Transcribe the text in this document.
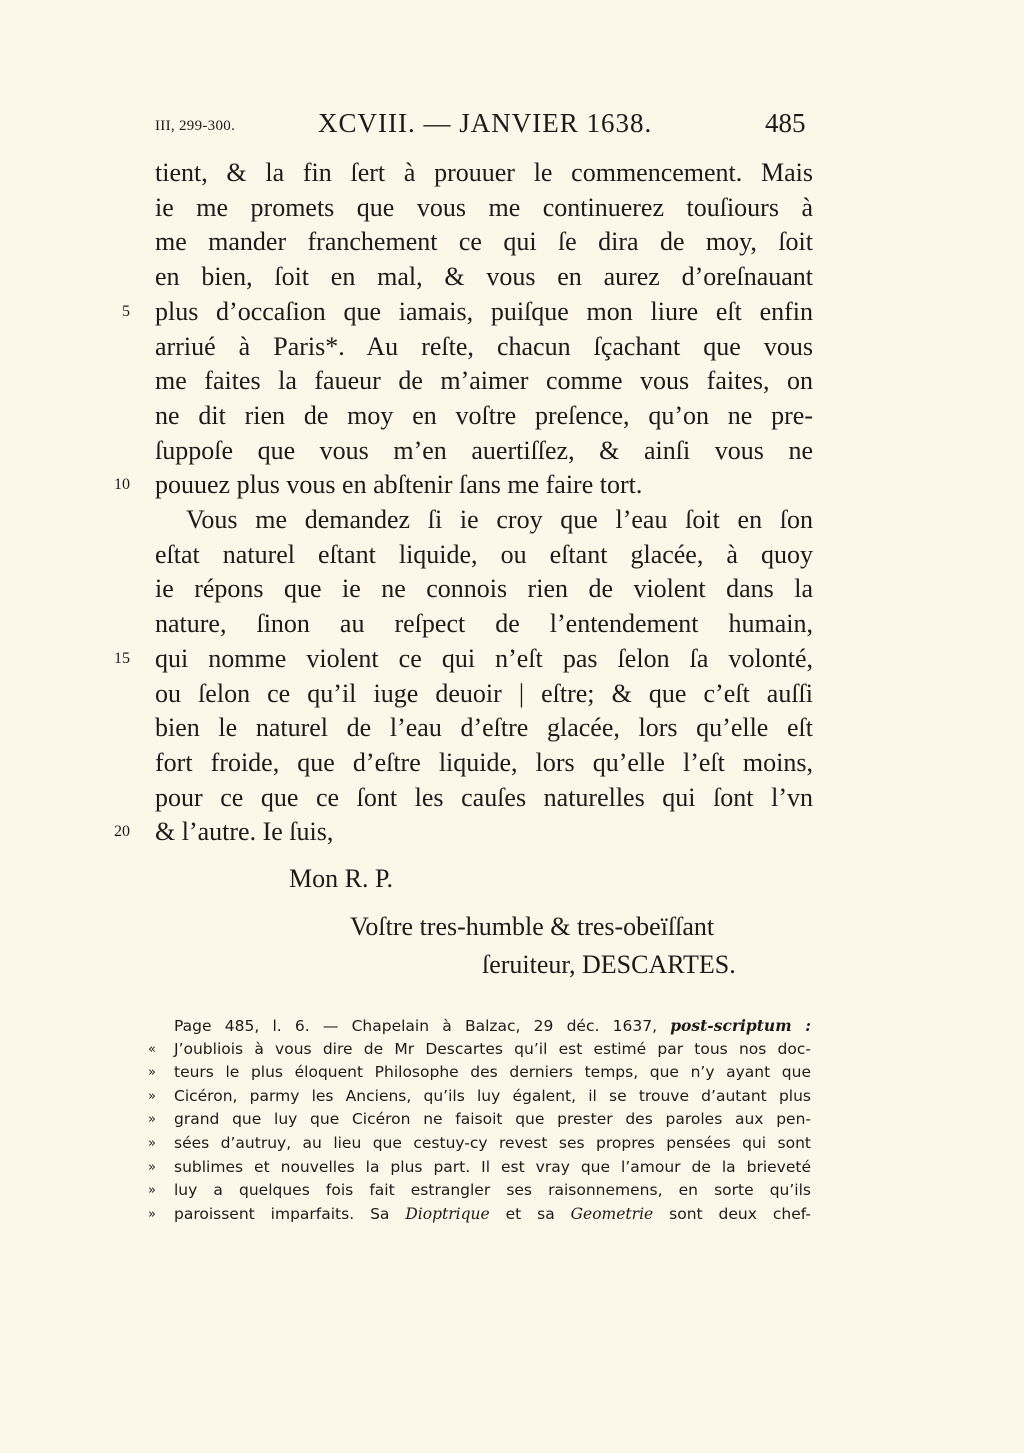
III, 299-300.	XCVIII. — JANVIER 1638.	485
tient, & la fin ſert à prouuer le commencement. Mais
ie me promets que vous me continuerez touſiours à
me mander franchement ce qui ſe dira de moy, ſoit
en bien, ſoit en mal, & vous en aurez d’oreſnauant
5 plus d’occaſion que iamais, puiſque mon liure eſt enfin
arriué à Paris*. Au reſte, chacun ſçachant que vous
me faites la faueur de m’aimer comme vous faites, on
ne dit rien de moy en voſtre preſence, qu’on ne pre-
ſuppoſe que vous m’en auertiſſez, & ainſi vous ne
10 pouuez plus vous en abſtenir ſans me faire tort.
Vous me demandez ſi ie croy que l’eau ſoit en ſon
eſtat naturel eſtant liquide, ou eſtant glacée, à quoy
ie répons que ie ne connois rien de violent dans la
nature, ſinon au reſpect de l’entendement humain,
15 qui nomme violent ce qui n’eſt pas ſelon ſa volonté,
ou ſelon ce qu’il iuge deuoir | eſtre; & que c’eſt auſſi
bien le naturel de l’eau d’eſtre glacée, lors qu’elle eſt
fort froide, que d’eſtre liquide, lors qu’elle l’eſt moins,
pour ce que ce ſont les cauſes naturelles qui ſont l’vn
20 & l’autre. Ie ſuis,
Mon R. P.
Voſtre tres-humble & tres-obeïſſant
ſeruiteur, DESCARTES.
Page 485, l. 6. — Chapelain à Balzac, 29 déc. 1637, post-scriptum :
«	J’oubliois à vous dire de Mr Descartes qu’il est estimé par tous nos doc-
»	teurs le plus éloquent Philosophe des derniers temps, que n’y ayant que
»	Cicéron, parmy les Anciens, qu’ils luy égalent, il se trouve d’autant plus
»	grand que luy que Cicéron ne faisoit que prester des paroles aux pen-
»	sées d’autruy, au lieu que cestuy-cy revest ses propres pensées qui sont
»	sublimes et nouvelles la plus part. Il est vray que l’amour de la brieveté
»	luy a quelques fois fait estrangler ses raisonnemens, en sorte qu’ils
»	paroissent imparfaits. Sa Dioptrique et sa Geometrie sont deux chef-
